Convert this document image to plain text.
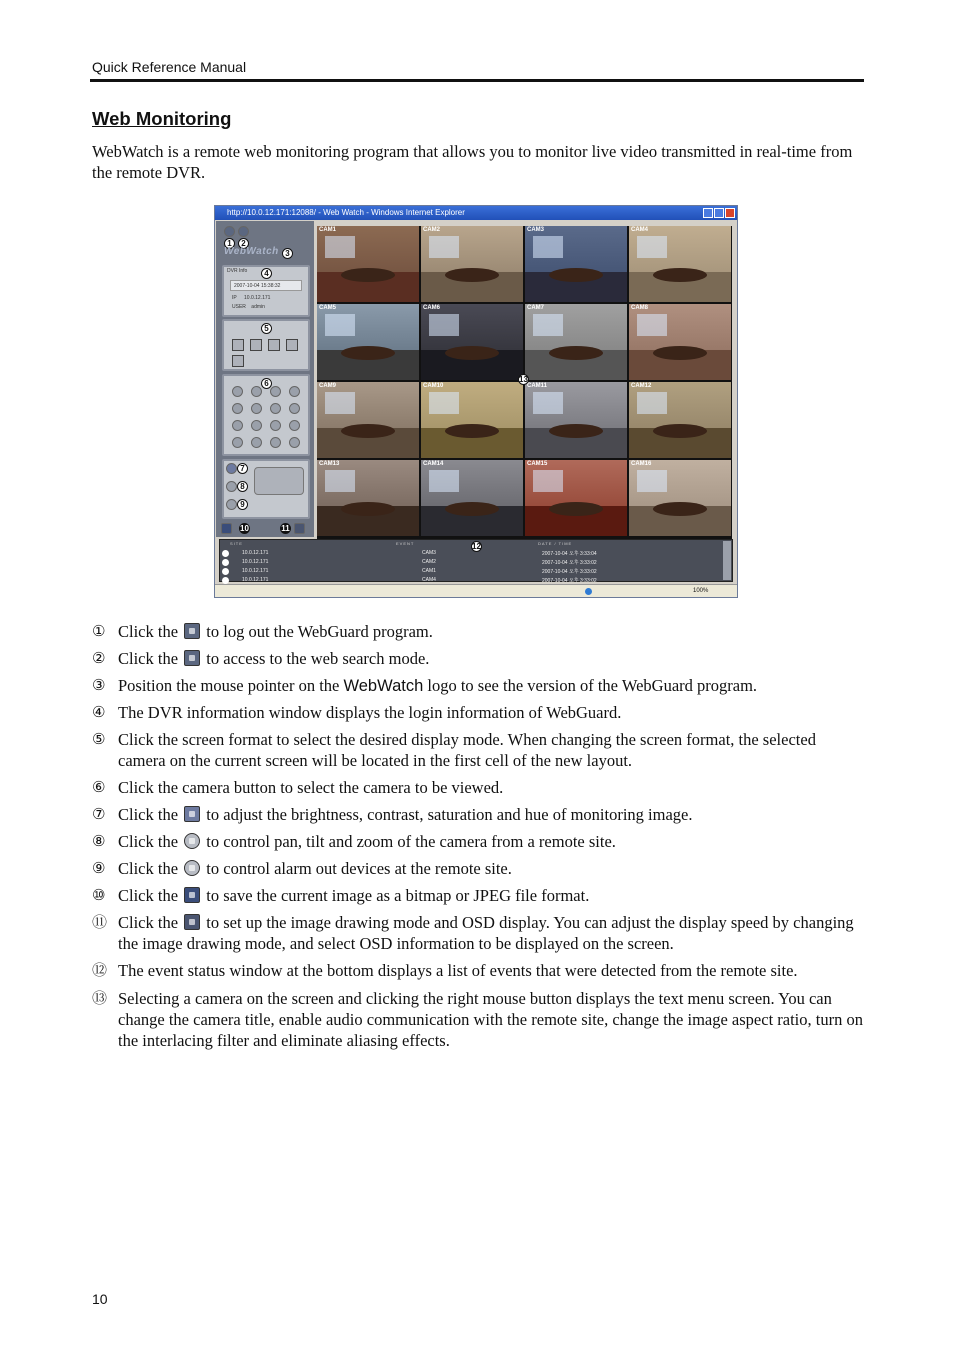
Quick Reference Manual
Web Monitoring
WebWatch is a remote web monitoring program that allows you to monitor live video transmitted in real-time from the remote DVR.
http://10.0.12.171:12088/ - Web Watch - Windows Internet Explorer
1	2
WebWatch 3
DVR Info	4
2007-10-04 15:38:32
IP 10.0.12.171
USER admin
5
6
7
8
9
10	11
CAM1	CAM2	CAM3	CAM4
CAM5	CAM6	CAM7	CAM8
CAM9	CAM10	CAM11	CAM12
CAM13	CAM14	CAM15	CAM16
13
SITE	EVENT	DATE / TIME
12
10.0.12.171	CAM3	2007-10-04 오후 3:33:04
10.0.12.171	CAM2	2007-10-04 오후 3:33:02
10.0.12.171	CAM1	2007-10-04 오후 3:33:02
10.0.12.171	CAM4	2007-10-04 오후 3:33:02
100%
① Click the  to log out the WebGuard program.
② Click the  to access to the web search mode.
③ Position the mouse pointer on the WebWatch logo to see the version of the WebGuard program.
④ The DVR information window displays the login information of WebGuard.
⑤ Click the screen format to select the desired display mode. When changing the screen format, the selected camera on the current screen will be located in the first cell of the new layout.
⑥ Click the camera button to select the camera to be viewed.
⑦ Click the  to adjust the brightness, contrast, saturation and hue of monitoring image.
⑧ Click the  to control pan, tilt and zoom of the camera from a remote site.
⑨ Click the  to control alarm out devices at the remote site.
⑩ Click the  to save the current image as a bitmap or JPEG file format.
⑪ Click the  to set up the image drawing mode and OSD display. You can adjust the display speed by changing the image drawing mode, and select OSD information to be displayed on the screen.
⑫ The event status window at the bottom displays a list of events that were detected from the remote site.
⑬ Selecting a camera on the screen and clicking the right mouse button displays the text menu screen. You can change the camera title, enable audio communication with the remote site, change the image aspect ratio, turn on the interlacing filter and eliminate aliasing effects.
10
